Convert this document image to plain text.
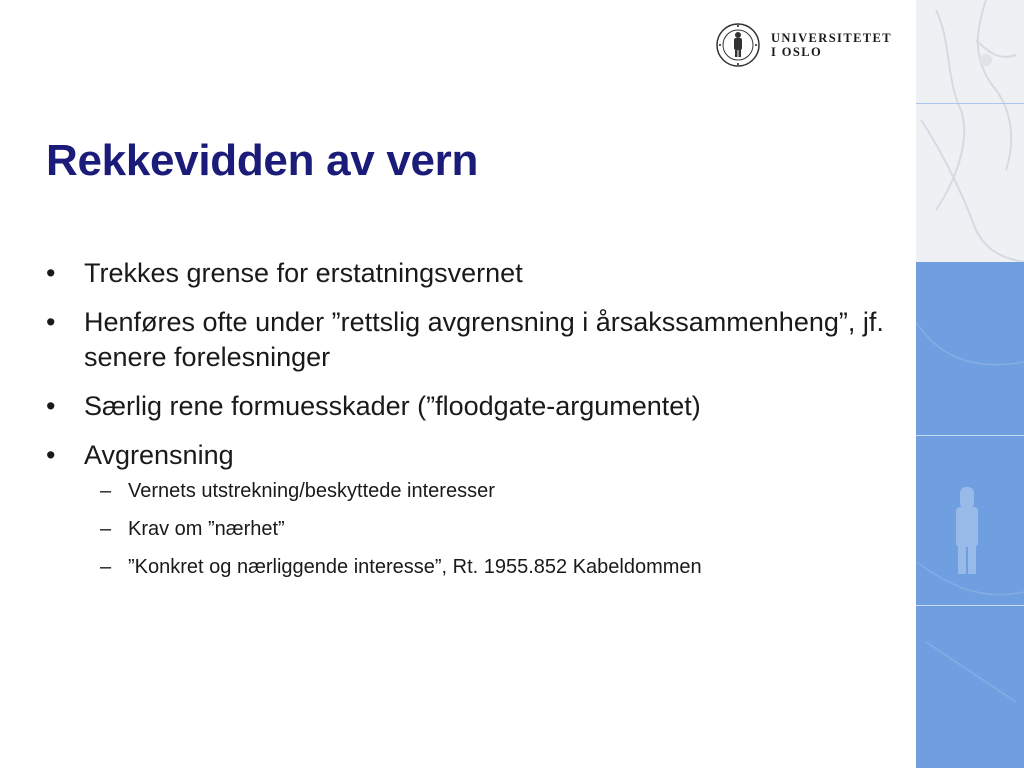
UNIVERSITETET
I OSLO
Rekkevidden av vern
•	Trekkes grense for erstatningsvernet
•	Henføres ofte under ”rettslig avgrensning i årsakssammenheng”, jf. senere forelesninger
•	Særlig rene formuesskader (”floodgate-argumentet)
•	Avgrensning
– Vernets utstrekning/beskyttede interesser
– Krav om ”nærhet”
– ”Konkret og nærliggende interesse”, Rt. 1955.852 Kabeldommen
